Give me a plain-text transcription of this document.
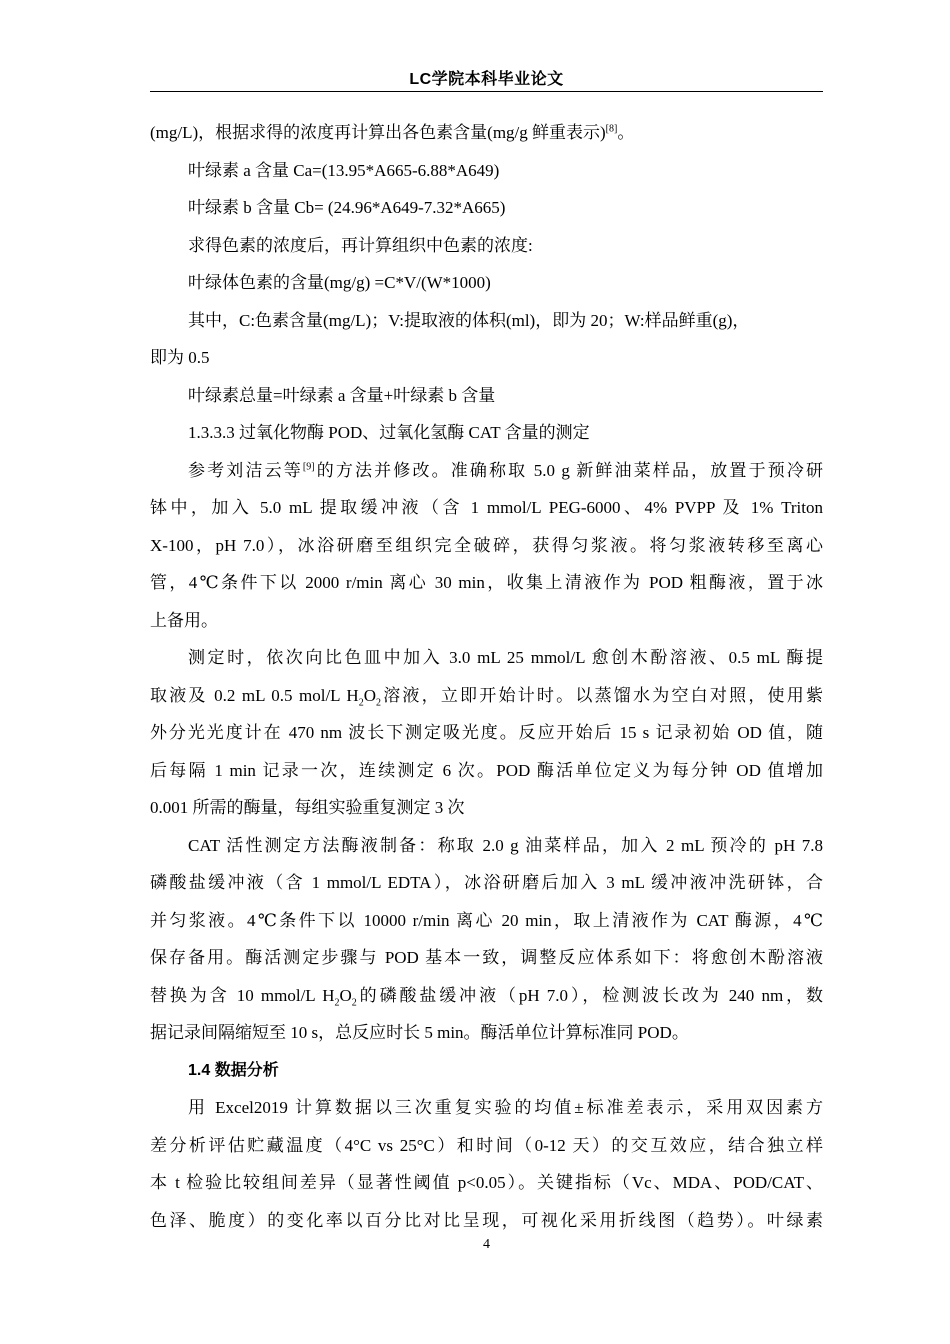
LC学院本科毕业论文

(mg/L)，根据求得的浓度再计算出各色素含量(mg/g 鲜重表示)[8]。

叶绿素 a 含量 Ca=(13.95*A665-6.88*A649)

叶绿素 b 含量 Cb= (24.96*A649-7.32*A665)

求得色素的浓度后，再计算组织中色素的浓度:

叶绿体色素的含量(mg/g) =C*V/(W*1000)

其中，C:色素含量(mg/L)；V:提取液的体积(ml)，即为 20；W:样品鲜重(g)，

即为 0.5

叶绿素总量=叶绿素 a 含量+叶绿素 b 含量

1.3.3.3 过氧化物酶 POD、过氧化氢酶 CAT 含量的测定

参考刘洁云等[9]的方法并修改。准确称取 5.0 g 新鲜油菜样品，放置于预冷研

钵中，加入 5.0 mL 提取缓冲液（含 1 mmol/L PEG-6000、4% PVPP 及 1% Triton

X-100，pH 7.0），冰浴研磨至组织完全破碎，获得匀浆液。将匀浆液转移至离心

管，4℃条件下以 2000 r/min 离心 30 min，收集上清液作为 POD 粗酶液，置于冰

上备用。

测定时，依次向比色皿中加入 3.0 mL 25 mmol/L 愈创木酚溶液、0.5 mL 酶提

取液及 0.2 mL 0.5 mol/L $H_2O_2$溶液，立即开始计时。以蒸馏水为空白对照，使用紫

外分光光度计在 470 nm 波长下测定吸光度。反应开始后 15 s 记录初始 OD 值，随

后每隔 1 min 记录一次，连续测定 6 次。POD 酶活单位定义为每分钟 OD 值增加

0.001 所需的酶量，每组实验重复测定 3 次

CAT 活性测定方法酶液制备：称取 2.0 g 油菜样品，加入 2 mL 预冷的 pH 7.8

磷酸盐缓冲液（含 1 mmol/L EDTA），冰浴研磨后加入 3 mL 缓冲液冲洗研钵，合

并匀浆液。4℃条件下以 10000 r/min 离心 20 min，取上清液作为 CAT 酶源，4℃

保存备用。酶活测定步骤与 POD 基本一致，调整反应体系如下：将愈创木酚溶液

替换为含 10 mmol/L $H_2O_2$的磷酸盐缓冲液（pH 7.0），检测波长改为 240 nm，数

据记录间隔缩短至 10 s，总反应时长 5 min。酶活单位计算标准同 POD。

1.4 数据分析

用 Excel2019 计算数据以三次重复实验的均值±标准差表示，采用双因素方

差分析评估贮藏温度（4°C vs 25°C）和时间（0-12 天）的交互效应，结合独立样

本 t 检验比较组间差异（显著性阈值 p<0.05）。关键指标（Vc、MDA、POD/CAT、

色泽、脆度）的变化率以百分比对比呈现，可视化采用折线图（趋势）。叶绿素

4
